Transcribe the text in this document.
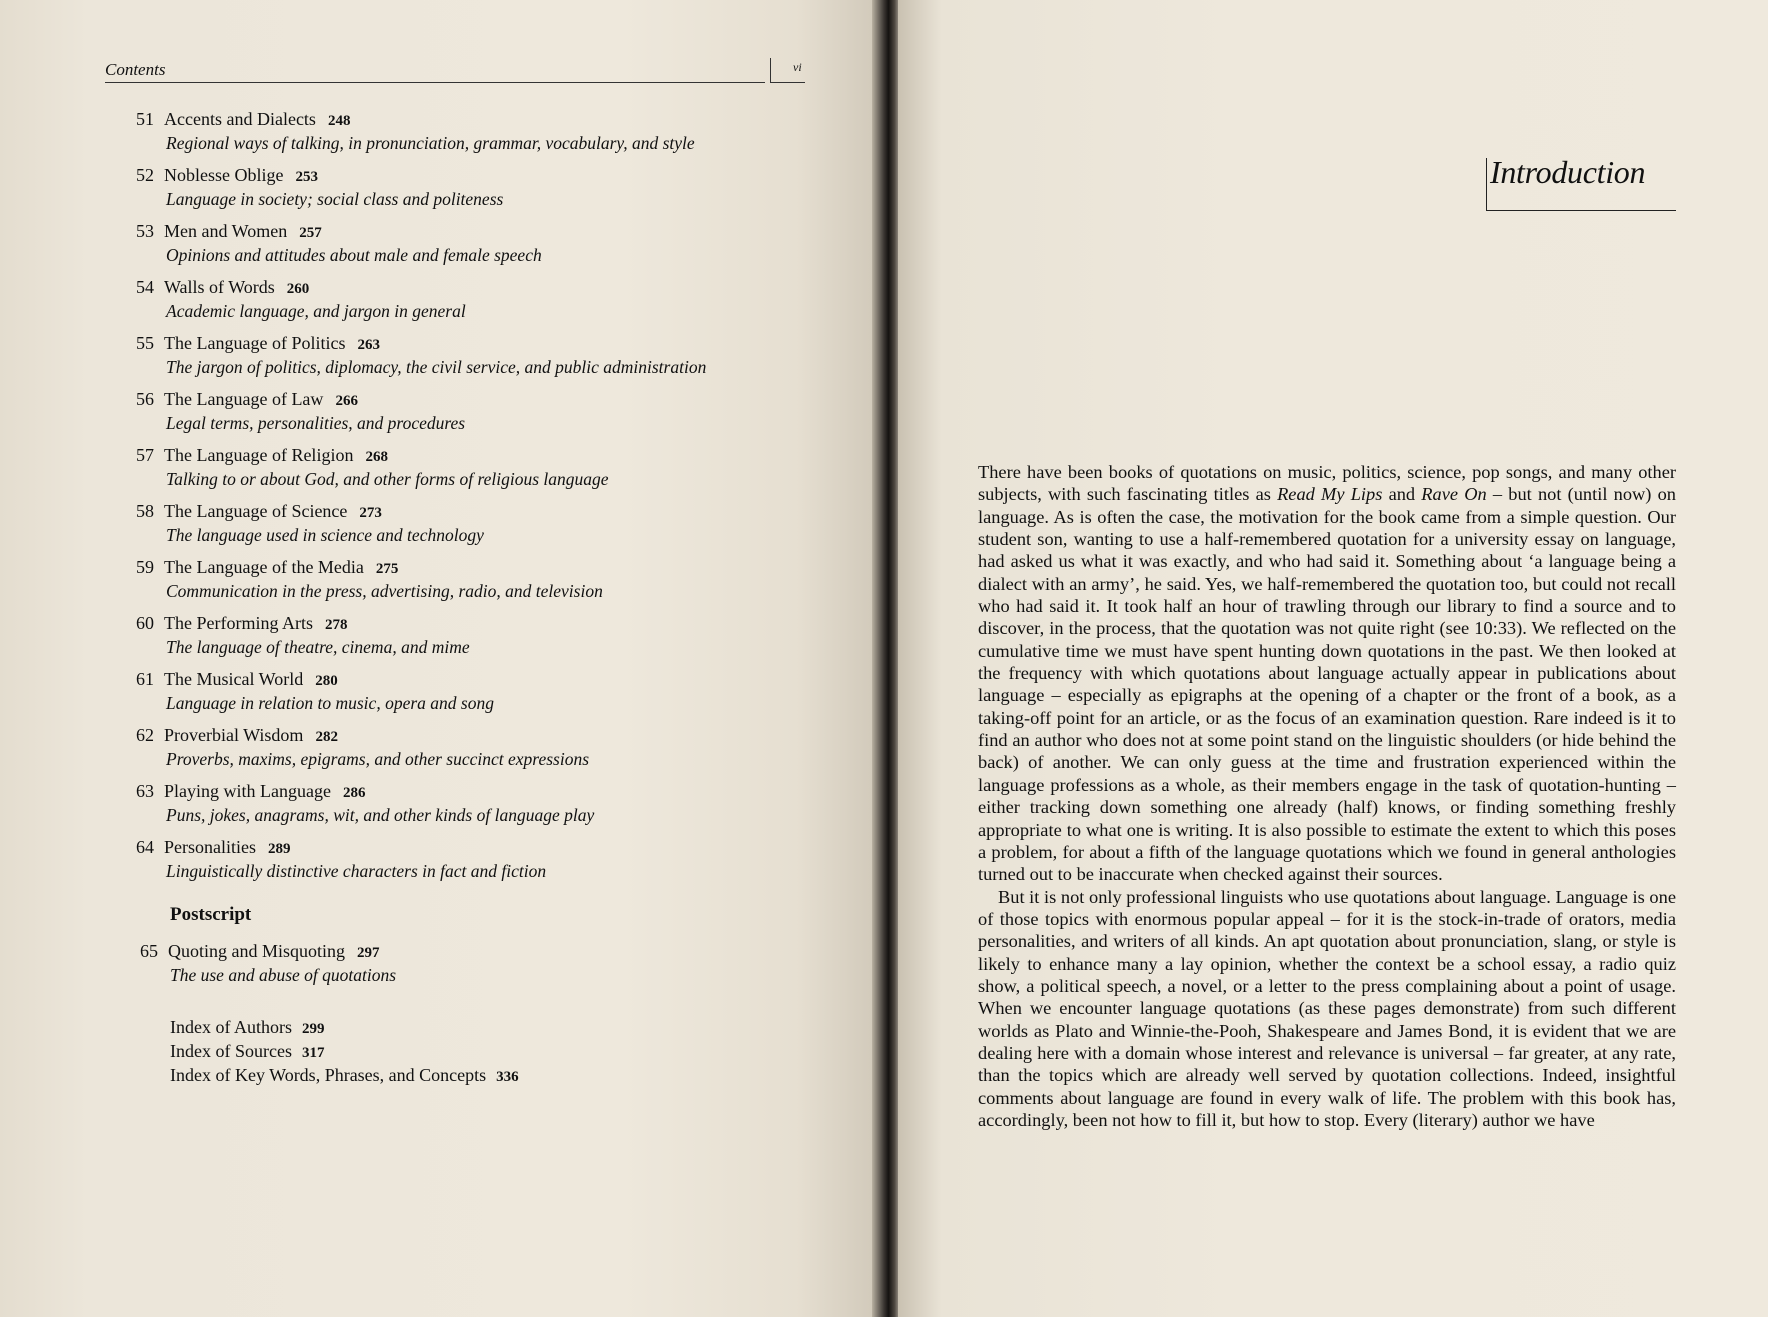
Contents	vi
51 Accents and Dialects 248
Regional ways of talking, in pronunciation, grammar, vocabulary, and style
52 Noblesse Oblige 253
Language in society; social class and politeness
53 Men and Women 257
Opinions and attitudes about male and female speech
54 Walls of Words 260
Academic language, and jargon in general
55 The Language of Politics 263
The jargon of politics, diplomacy, the civil service, and public administration
56 The Language of Law 266
Legal terms, personalities, and procedures
57 The Language of Religion 268
Talking to or about God, and other forms of religious language
58 The Language of Science 273
The language used in science and technology
59 The Language of the Media 275
Communication in the press, advertising, radio, and television
60 The Performing Arts 278
The language of theatre, cinema, and mime
61 The Musical World 280
Language in relation to music, opera and song
62 Proverbial Wisdom 282
Proverbs, maxims, epigrams, and other succinct expressions
63 Playing with Language 286
Puns, jokes, anagrams, wit, and other kinds of language play
64 Personalities 289
Linguistically distinctive characters in fact and fiction
Postscript
65 Quoting and Misquoting 297
The use and abuse of quotations
Index of Authors 299
Index of Sources 317
Index of Key Words, Phrases, and Concepts 336
Introduction

There have been books of quotations on music, politics, science, pop songs, and many other subjects, with such fascinating titles as Read My Lips and Rave On – but not (until now) on language. As is often the case, the motivation for the book came from a simple question. Our student son, wanting to use a half-remembered quotation for a university essay on language, had asked us what it was exactly, and who had said it. Something about ‘a language being a dialect with an army’, he said. Yes, we half-remembered the quotation too, but could not recall who had said it. It took half an hour of trawling through our library to find a source and to discover, in the process, that the quotation was not quite right (see 10:33). We reflected on the cumulative time we must have spent hunting down quotations in the past. We then looked at the frequency with which quotations about language actually appear in publications about language – especially as epigraphs at the opening of a chapter or the front of a book, as a taking-off point for an article, or as the focus of an examination question. Rare indeed is it to find an author who does not at some point stand on the linguistic shoulders (or hide behind the back) of another. We can only guess at the time and frustration experienced within the language professions as a whole, as their members engage in the task of quotation-hunting – either tracking down something one already (half) knows, or finding something freshly appropriate to what one is writing. It is also possible to estimate the extent to which this poses a problem, for about a fifth of the language quotations which we found in general anthologies turned out to be inaccurate when checked against their sources.

But it is not only professional linguists who use quotations about language. Language is one of those topics with enormous popular appeal – for it is the stock-in-trade of orators, media personalities, and writers of all kinds. An apt quotation about pronunciation, slang, or style is likely to enhance many a lay opinion, whether the context be a school essay, a radio quiz show, a political speech, a novel, or a letter to the press complaining about a point of usage. When we encounter language quotations (as these pages demonstrate) from such different worlds as Plato and Winnie-the-Pooh, Shakespeare and James Bond, it is evident that we are dealing here with a domain whose interest and relevance is universal – far greater, at any rate, than the topics which are already well served by quotation collections. Indeed, insightful comments about language are found in every walk of life. The problem with this book has, accordingly, been not how to fill it, but how to stop. Every (literary) author we have
